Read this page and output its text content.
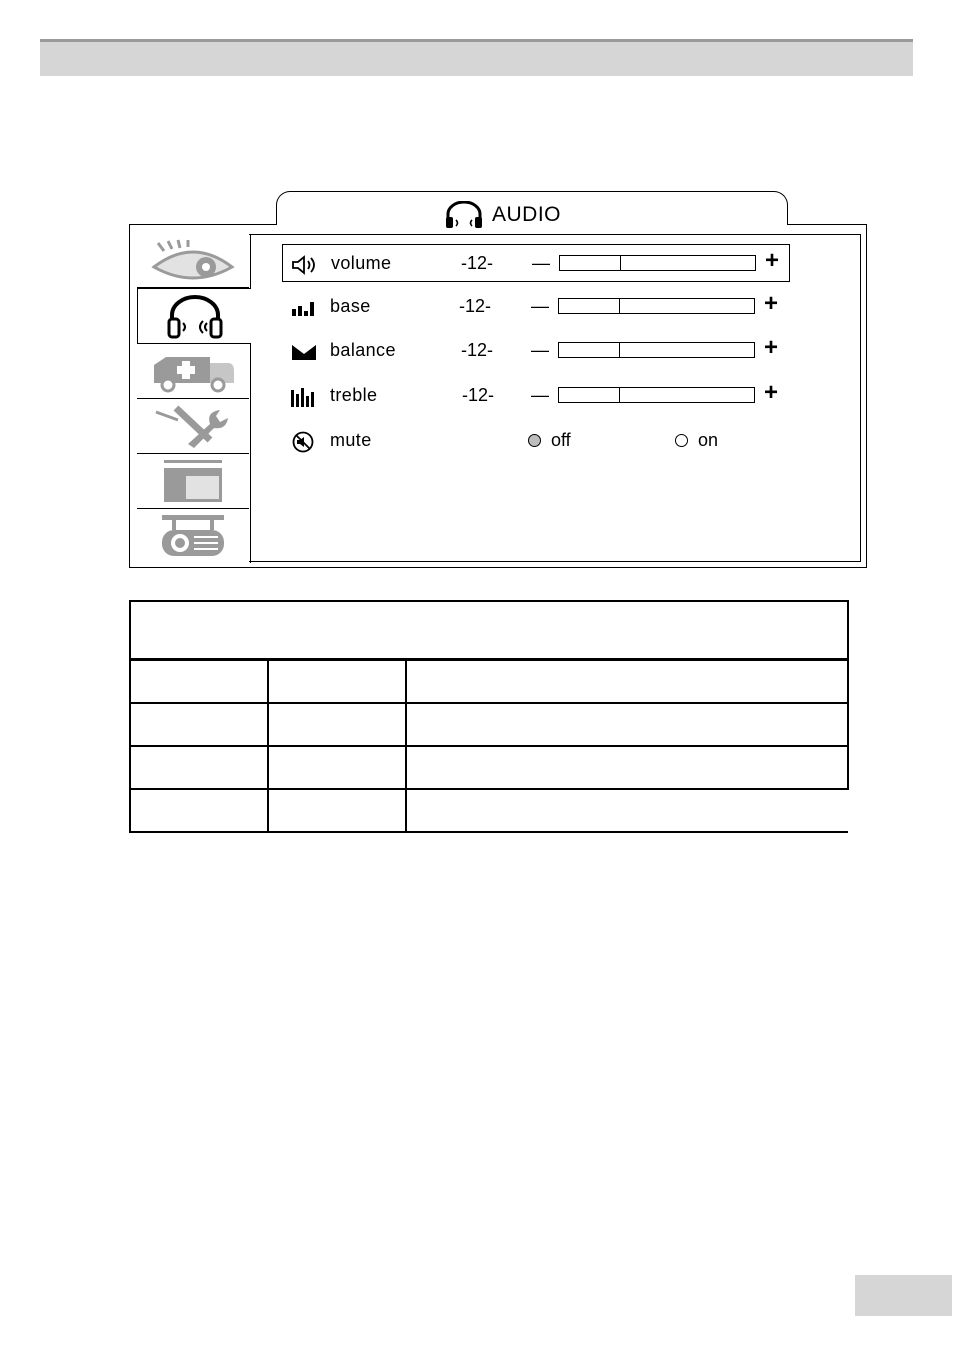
AUDIO
volume	-12- —	+
base	-12- —	+
balance	-12- —	+
treble	-12- —	+
mute	off	on
